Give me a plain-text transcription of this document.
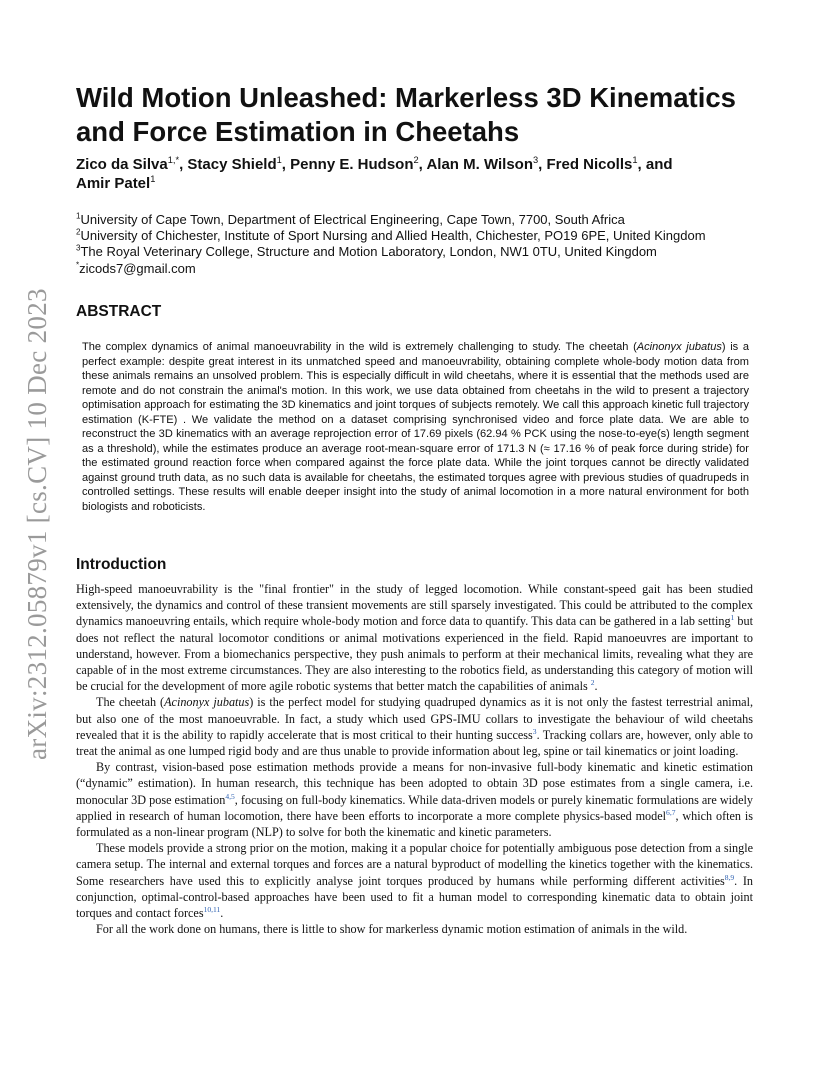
arXiv:2312.05879v1 [cs.CV] 10 Dec 2023
Wild Motion Unleashed: Markerless 3D Kinematics and Force Estimation in Cheetahs
Zico da Silva$^{1,*}$, Stacy Shield$^1$, Penny E. Hudson$^2$, Alan M. Wilson$^3$, Fred Nicolls$^1$, and
Amir Patel$^1$
$^1$University of Cape Town, Department of Electrical Engineering, Cape Town, 7700, South Africa
$^2$University of Chichester, Institute of Sport Nursing and Allied Health, Chichester, PO19 6PE, United Kingdom
$^3$The Royal Veterinary College, Structure and Motion Laboratory, London, NW1 0TU, United Kingdom
*zicods7@gmail.com
ABSTRACT

The complex dynamics of animal manoeuvrability in the wild is extremely challenging to study. The cheetah (Acinonyx jubatus) is a perfect example: despite great interest in its unmatched speed and manoeuvrability, obtaining complete whole-body motion data from these animals remains an unsolved problem. This is especially difficult in wild cheetahs, where it is essential that the methods used are remote and do not constrain the animal's motion. In this work, we use data obtained from cheetahs in the wild to present a trajectory optimisation approach for estimating the 3D kinematics and joint torques of subjects remotely. We call this approach kinetic full trajectory estimation (K-FTE) . We validate the method on a dataset comprising synchronised video and force plate data. We are able to reconstruct the 3D kinematics with an average reprojection error of 17.69 pixels (62.94 % PCK using the nose-to-eye(s) length segment as a threshold), while the estimates produce an average root-mean-square error of 171.3 N (≈ 17.16 % of peak force during stride) for the estimated ground reaction force when compared against the force plate data. While the joint torques cannot be directly validated against ground truth data, as no such data is available for cheetahs, the estimated torques agree with previous studies of quadrupeds in controlled settings. These results will enable deeper insight into the study of animal locomotion in a more natural environment for both biologists and roboticists.

Introduction

High-speed manoeuvrability is the "final frontier" in the study of legged locomotion. While constant-speed gait has been studied extensively, the dynamics and control of these transient movements are still sparsely investigated. This could be attributed to the complex dynamics manoeuvring entails, which require whole-body motion and force data to quantify. This data can be gathered in a lab setting$^1$ but does not reflect the natural locomotor conditions or animal motivations experienced in the field. Rapid manoeuvres are important to understand, however. From a biomechanics perspective, they push animals to perform at their mechanical limits, revealing what they are capable of in the most extreme circumstances. They are also interesting to the robotics field, as understanding this category of motion will be crucial for the development of more agile robotic systems that better match the capabilities of animals $^2$.

The cheetah (Acinonyx jubatus) is the perfect model for studying quadruped dynamics as it is not only the fastest terrestrial animal, but also one of the most manoeuvrable. In fact, a study which used GPS-IMU collars to investigate the behaviour of wild cheetahs revealed that it is the ability to rapidly accelerate that is most critical to their hunting success$^3$. Tracking collars are, however, only able to treat the animal as one lumped rigid body and are thus unable to provide information about leg, spine or tail kinematics or joint loading.

By contrast, vision-based pose estimation methods provide a means for non-invasive full-body kinematic and kinetic estimation (“dynamic” estimation). In human research, this technique has been adopted to obtain 3D pose estimates from a single camera, i.e. monocular 3D pose estimation$^{4,5}$, focusing on full-body kinematics. While data-driven models or purely kinematic formulations are widely applied in research of human locomotion, there have been efforts to incorporate a more complete physics-based model$^{6,7}$, which often is formulated as a non-linear program (NLP) to solve for both the kinematic and kinetic parameters.

These models provide a strong prior on the motion, making it a popular choice for potentially ambiguous pose detection from a single camera setup. The internal and external torques and forces are a natural byproduct of modelling the kinetics together with the kinematics. Some researchers have used this to explicitly analyse joint torques produced by humans while performing different activities$^{8,9}$. In conjunction, optimal-control-based approaches have been used to fit a human model to corresponding kinematic data to obtain joint torques and contact forces$^{10,11}$.

For all the work done on humans, there is little to show for markerless dynamic motion estimation of animals in the wild.
